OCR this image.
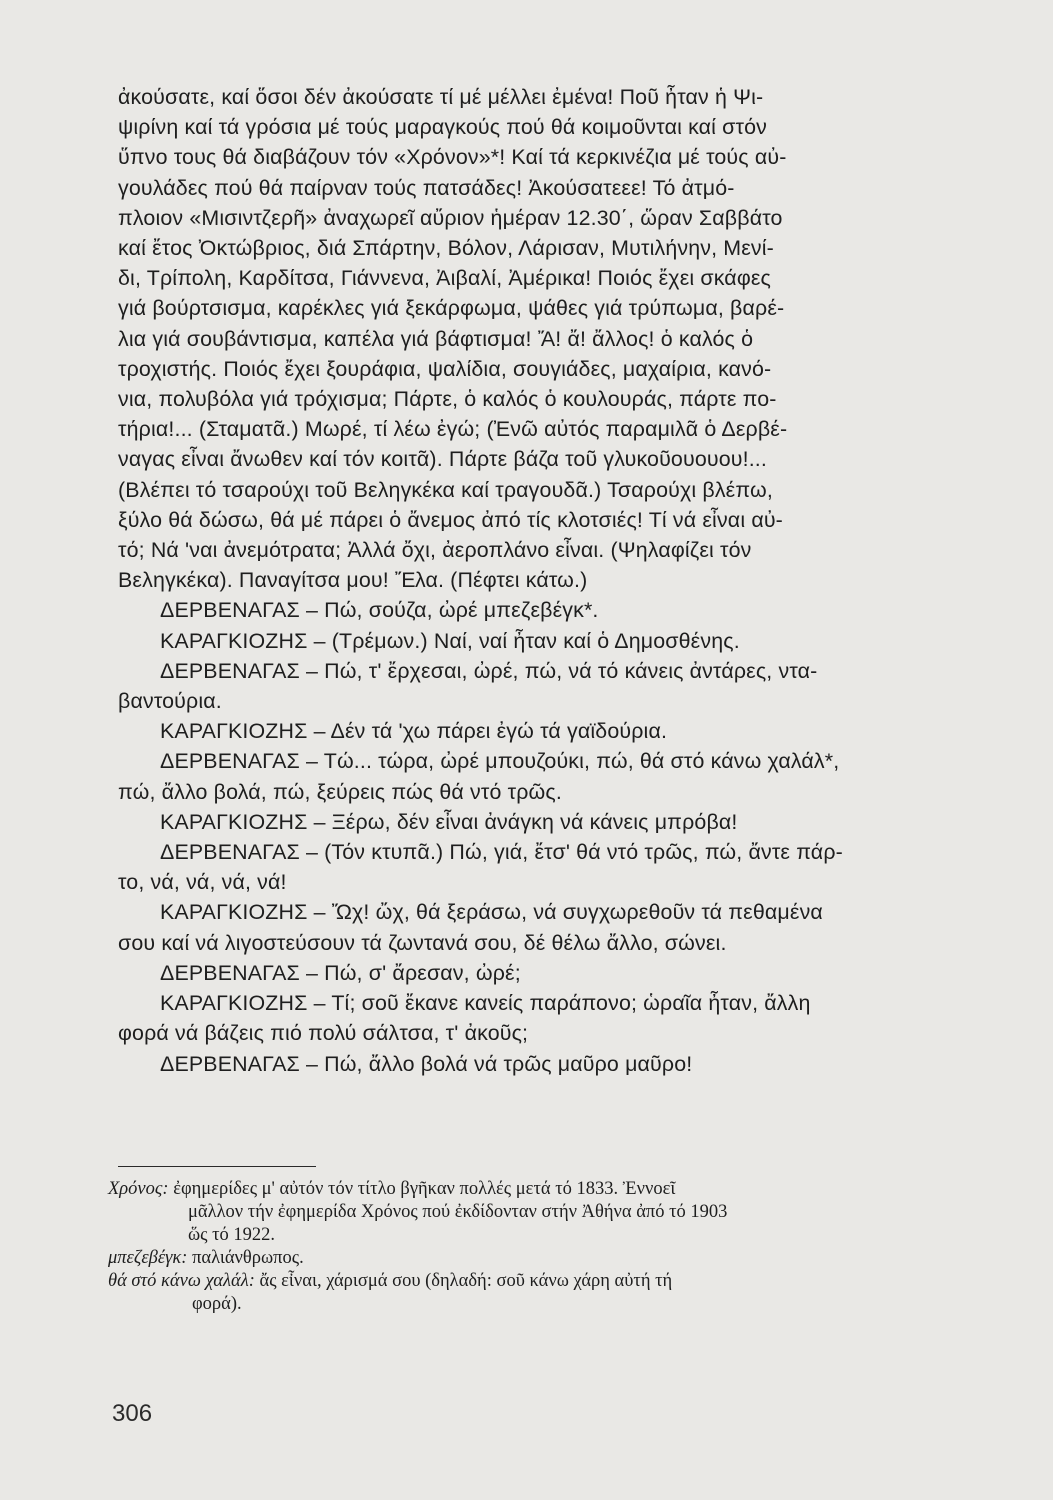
ἀκούσατε, καί ὅσοι δέν ἀκούσατε τί μέ μέλλει ἐμένα! Ποῦ ἦταν ἡ Ψι-
ψιρίνη καί τά γρόσια μέ τούς μαραγκούς πού θά κοιμοῦνται καί στόν
ὕπνο τους θά διαβάζουν τόν «Χρόνον»*! Καί τά κερκινέζια μέ τούς αὐ-
γουλάδες πού θά παίρναν τούς πατσάδες! Ἀκούσατεεε! Τό ἀτμό-
πλοιον «Μισιντζερῆ» ἀναχωρεῖ αὔριον ἡμέραν 12.30΄, ὥραν Σαββάτο
καί ἔτος Ὀκτώβριος, διά Σπάρτην, Βόλον, Λάρισαν, Μυτιλήνην, Μενί-
δι, Τρίπολη, Καρδίτσα, Γιάννενα, Ἀιβαλί, Ἀμέρικα! Ποιός ἔχει σκάφες
γιά βούρτσισμα, καρέκλες γιά ξεκάρφωμα, ψάθες γιά τρύπωμα, βαρέ-
λια γιά σουβάντισμα, καπέλα γιά βάφτισμα! Ἄ! ἄ! ἄλλος! ὁ καλός ὁ
τροχιστής. Ποιός ἔχει ξουράφια, ψαλίδια, σουγιάδες, μαχαίρια, κανό-
νια, πολυβόλα γιά τρόχισμα; Πάρτε, ὁ καλός ὁ κουλουράς, πάρτε πο-
τήρια!... (Σταματᾶ.) Μωρέ, τί λέω ἐγώ; (Ἐνῶ αὐτός παραμιλᾶ ὁ Δερβέ-
ναγας εἶναι ἄνωθεν καί τόν κοιτᾶ). Πάρτε βάζα τοῦ γλυκοῦουουου!...
(Βλέπει τό τσαρούχι τοῦ Βεληγκέκα καί τραγουδᾶ.) Τσαρούχι βλέπω,
ξύλο θά δώσω, θά μέ πάρει ὁ ἄνεμος ἀπό τίς κλοτσιές! Τί νά εἶναι αὐ-
τό; Νά 'ναι ἀνεμότρατα; Ἀλλά ὄχι, ἀεροπλάνο εἶναι. (Ψηλαφίζει τόν
Βεληγκέκα). Παναγίτσα μου! Ἔλα. (Πέφτει κάτω.)
ΔΕΡΒΕΝΑΓΑΣ – Πώ, σούζα, ὠρέ μπεζεβέγκ*.
ΚΑΡΑΓΚΙΟΖΗΣ – (Τρέμων.) Ναί, ναί ἦταν καί ὁ Δημοσθένης.
ΔΕΡΒΕΝΑΓΑΣ – Πώ, τ' ἔρχεσαι, ὠρέ, πώ, νά τό κάνεις ἀντάρες, ντα-
βαντούρια.
ΚΑΡΑΓΚΙΟΖΗΣ – Δέν τά 'χω πάρει ἐγώ τά γαϊδούρια.
ΔΕΡΒΕΝΑΓΑΣ – Τώ... τώρα, ὠρέ μπουζούκι, πώ, θά στό κάνω χαλάλ*,
πώ, ἄλλο βολά, πώ, ξεύρεις πώς θά ντό τρῶς.
ΚΑΡΑΓΚΙΟΖΗΣ – Ξέρω, δέν εἶναι ἀνάγκη νά κάνεις μπρόβα!
ΔΕΡΒΕΝΑΓΑΣ – (Τόν κτυπᾶ.) Πώ, γιά, ἔτσ' θά ντό τρῶς, πώ, ἄντε πάρ-
το, νά, νά, νά, νά!
ΚΑΡΑΓΚΙΟΖΗΣ – Ὤχ! ὤχ, θά ξεράσω, νά συγχωρεθοῦν τά πεθαμένα
σου καί νά λιγοστεύσουν τά ζωντανά σου, δέ θέλω ἄλλο, σώνει.
ΔΕΡΒΕΝΑΓΑΣ – Πώ, σ' ἄρεσαν, ὠρέ;
ΚΑΡΑΓΚΙΟΖΗΣ – Τί; σοῦ ἔκανε κανείς παράπονο; ὡραῖα ἦταν, ἄλλη
φορά νά βάζεις πιό πολύ σάλτσα, τ' ἀκοῦς;
ΔΕΡΒΕΝΑΓΑΣ – Πώ, ἄλλο βολά νά τρῶς μαῦρο μαῦρο!
Χρόνος: ἐφημερίδες μ' αὐτόν τόν τίτλο βγῆκαν πολλές μετά τό 1833. Ἐννοεῖ
μᾶλλον τήν ἐφημερίδα Χρόνος πού ἐκδίδονταν στήν Ἀθήνα ἀπό τό 1903
ὥς τό 1922.
μπεζεβέγκ: παλιάνθρωπος.
θά στό κάνω χαλάλ: ἄς εἶναι, χάρισμά σου (δηλαδή: σοῦ κάνω χάρη αὐτή τή
φορά).
306
